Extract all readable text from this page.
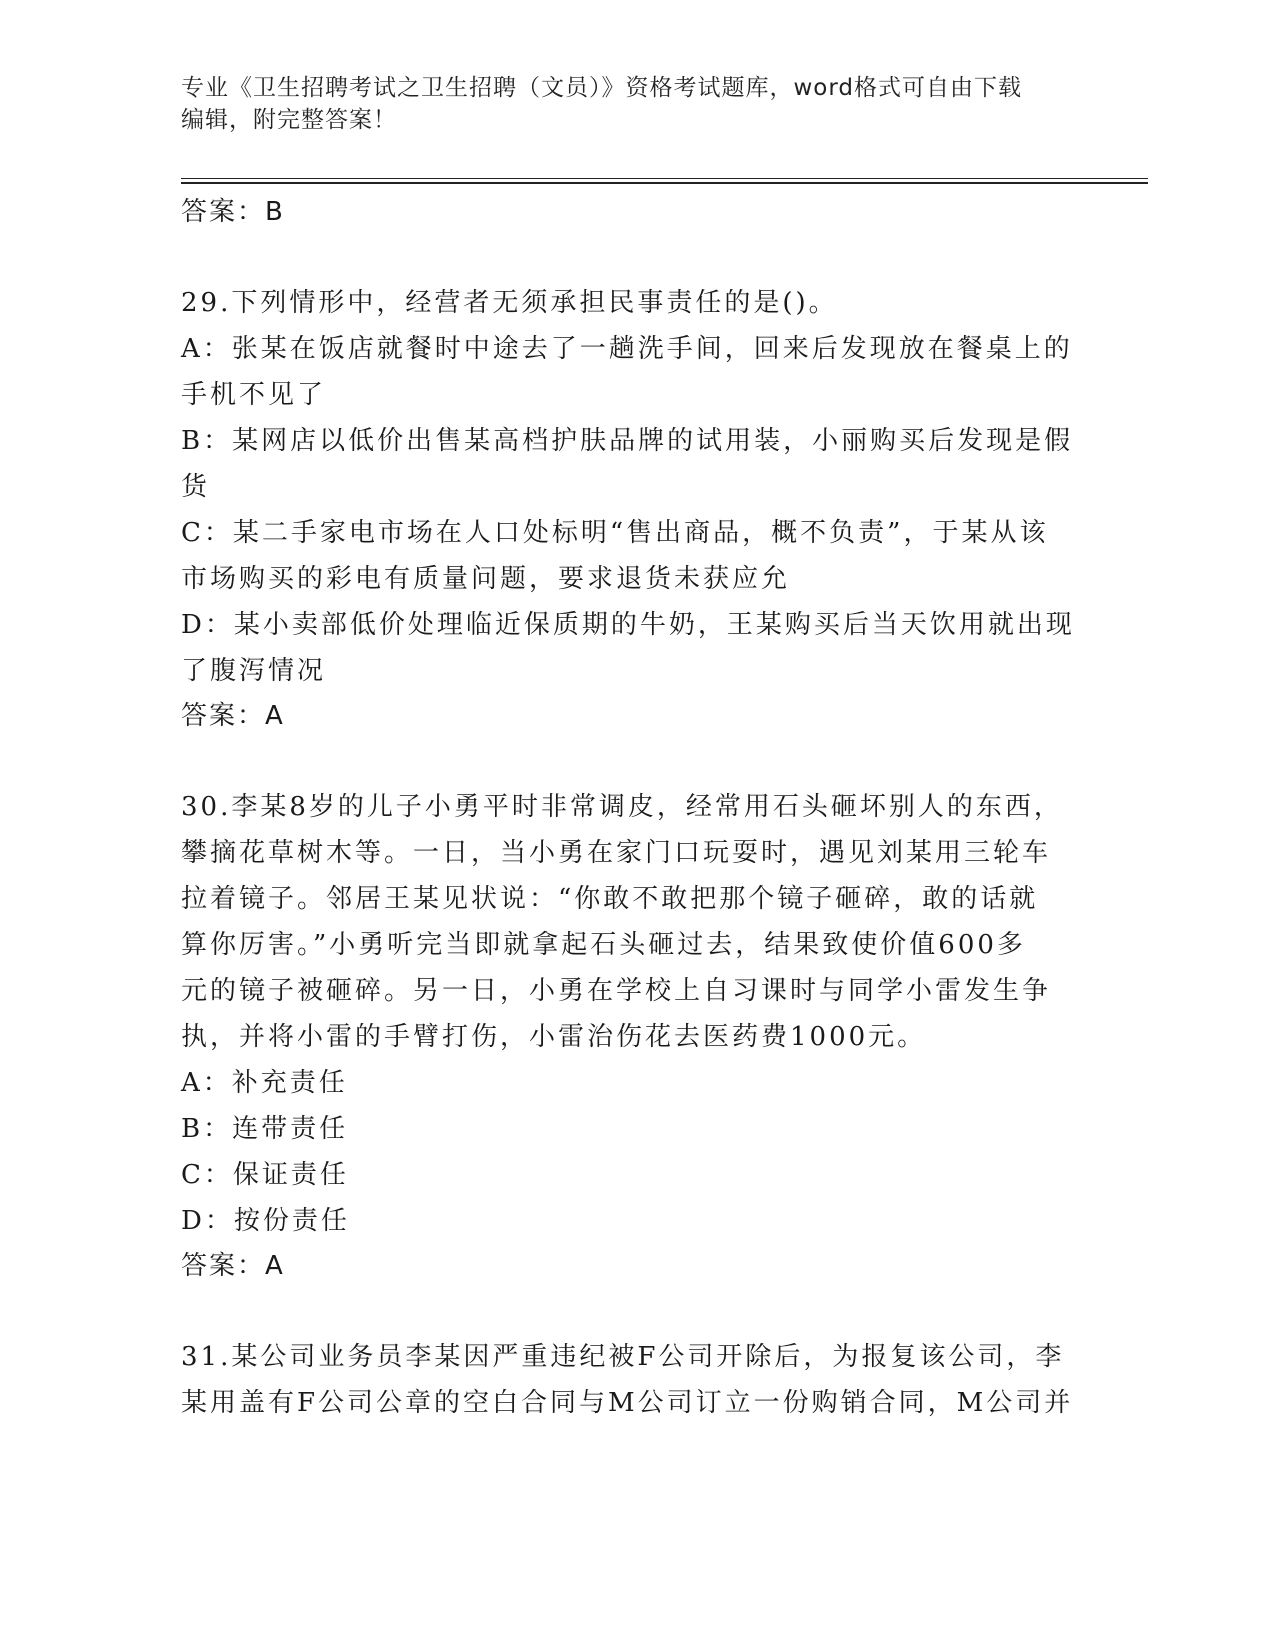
专业《卫生招聘考试之卫生招聘（文员）》资格考试题库，word格式可自由下载
编辑，附完整答案！
答案：B
29.下列情形中，经营者无须承担民事责任的是()。
A：张某在饭店就餐时中途去了一趟洗手间，回来后发现放在餐桌上的
手机不见了
B：某网店以低价出售某高档护肤品牌的试用装，小丽购买后发现是假
货
C：某二手家电市场在人口处标明“售出商品，概不负责”，于某从该
市场购买的彩电有质量问题，要求退货未获应允
D：某小卖部低价处理临近保质期的牛奶，王某购买后当天饮用就出现
了腹泻情况
答案：A
30.李某8岁的儿子小勇平时非常调皮，经常用石头砸坏别人的东西，
攀摘花草树木等。一日，当小勇在家门口玩耍时，遇见刘某用三轮车
拉着镜子。邻居王某见状说：“你敢不敢把那个镜子砸碎，敢的话就
算你厉害。”小勇听完当即就拿起石头砸过去，结果致使价值600多
元的镜子被砸碎。另一日，小勇在学校上自习课时与同学小雷发生争
执，并将小雷的手臂打伤，小雷治伤花去医药费1000元。
A：补充责任
B：连带责任
C：保证责任
D：按份责任
答案：A
31.某公司业务员李某因严重违纪被F公司开除后，为报复该公司，李
某用盖有F公司公章的空白合同与M公司订立一份购销合同，M公司并
